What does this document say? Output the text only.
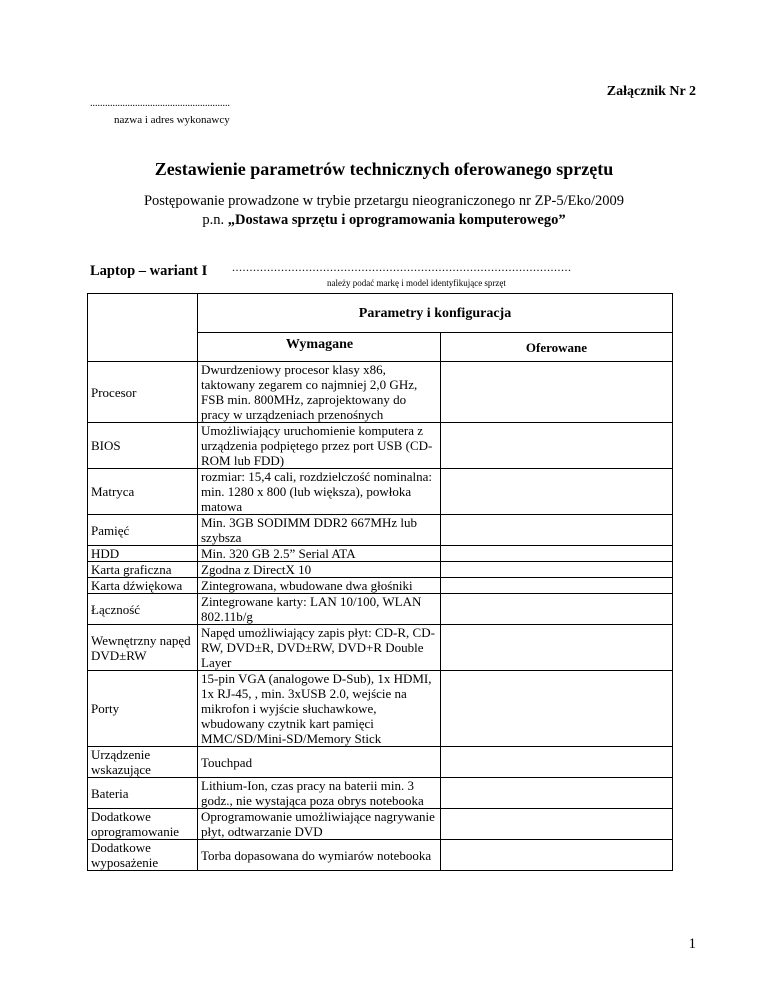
Załącznik Nr 2
........................................................
nazwa i adres wykonawcy
Zestawienie parametrów technicznych oferowanego sprzętu
Postępowanie prowadzone w trybie przetargu nieograniczonego nr ZP-5/Eko/2009
p.n. „Dostawa sprzętu i oprogramowania komputerowego”
Laptop – wariant I .................................................................................................
należy podać markę i model identyfikujące sprzęt
	Parametry i konfiguracja	
	Wymagane	Oferowane
Procesor	Dwurdzeniowy procesor klasy x86, taktowany zegarem co najmniej 2,0 GHz, FSB min. 800MHz, zaprojektowany do pracy w urządzeniach przenośnych	
BIOS	Umożliwiający uruchomienie komputera z urządzenia podpiętego przez port USB (CD-ROM lub FDD)	
Matryca	rozmiar: 15,4 cali, rozdzielczość nominalna: min. 1280 x 800 (lub większa), powłoka matowa	
Pamięć	Min. 3GB SODIMM DDR2 667MHz lub szybsza	
HDD	Min. 320 GB 2.5” Serial ATA	
Karta graficzna	Zgodna z DirectX 10	
Karta dźwiękowa	Zintegrowana, wbudowane dwa głośniki	
Łączność	Zintegrowane karty: LAN 10/100, WLAN 802.11b/g	
Wewnętrzny napęd DVD±RW	Napęd umożliwiający zapis płyt: CD-R, CD-RW, DVD±R, DVD±RW, DVD+R Double Layer	
Porty	15-pin VGA (analogowe D-Sub), 1x HDMI, 1x RJ-45, , min. 3xUSB 2.0, wejście na mikrofon i wyjście słuchawkowe, wbudowany czytnik kart pamięci MMC/SD/Mini-SD/Memory Stick	
Urządzenie wskazujące	Touchpad	
Bateria	Lithium-Ion, czas pracy na baterii min. 3 godz., nie wystająca poza obrys notebooka	
Dodatkowe oprogramowanie	Oprogramowanie umożliwiające nagrywanie płyt, odtwarzanie DVD	
Dodatkowe wyposażenie	Torba dopasowana do wymiarów notebooka	
1
